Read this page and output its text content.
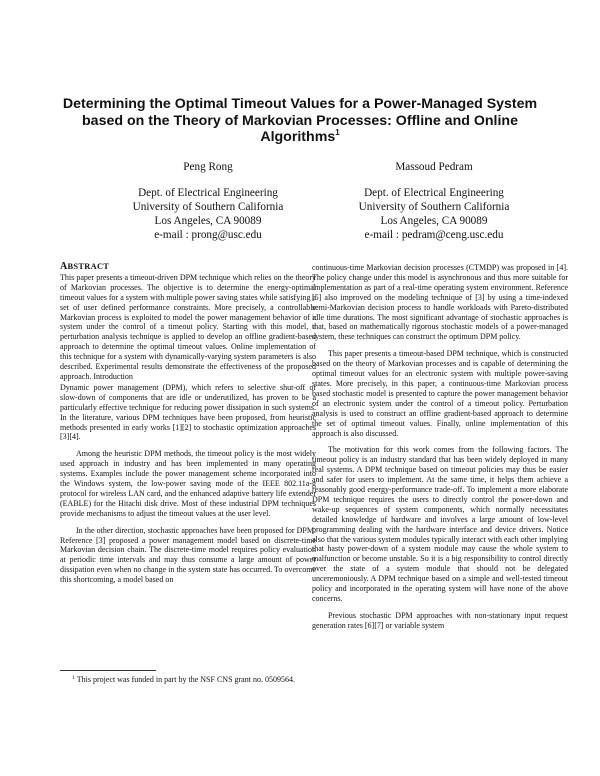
Determining the Optimal Timeout Values for a Power-Managed System based on the Theory of Markovian Processes: Offline and Online Algorithms$^1$
Peng Rong
Dept. of Electrical Engineering
University of Southern California
Los Angeles, CA 90089
e-mail : prong@usc.edu
Massoud Pedram
Dept. of Electrical Engineering
University of Southern California
Los Angeles, CA 90089
e-mail : pedram@ceng.usc.edu
ABSTRACT

This paper presents a timeout-driven DPM technique which relies on the theory of Markovian processes. The objective is to determine the energy-optimal timeout values for a system with multiple power saving states while satisfying a set of user defined performance constraints. More precisely, a controllable Markovian process is exploited to model the power management behavior of a system under the control of a timeout policy. Starting with this model, a perturbation analysis technique is applied to develop an offline gradient-based approach to determine the optimal timeout values. Online implementation of this technique for a system with dynamically-varying system parameters is also described. Experimental results demonstrate the effectiveness of the proposed approach. Introduction

Dynamic power management (DPM), which refers to selective shut-off or slow-down of components that are idle or underutilized, has proven to be a particularly effective technique for reducing power dissipation in such systems. In the literature, various DPM techniques have been proposed, from heuristic methods presented in early works [1][2] to stochastic optimization approaches [3][4].

Among the heuristic DPM methods, the timeout policy is the most widely used approach in industry and has been implemented in many operating systems. Examples include the power management scheme incorporated into the Windows system, the low-power saving mode of the IEEE 802.11a-g protocol for wireless LAN card, and the enhanced adaptive battery life extender (EABLE) for the Hitachi disk drive. Most of these industrial DPM techniques provide mechanisms to adjust the timeout values at the user level.

In the other direction, stochastic approaches have been proposed for DPM. Reference [3] proposed a power management model based on discrete-time Markovian decision chain. The discrete-time model requires policy evaluation at periodic time intervals and may thus consume a large amount of power dissipation even when no change in the system state has occurred. To overcome this shortcoming, a model based on

continuous-time Markovian decision processes (CTMDP) was proposed in [4]. The policy change under this model is asynchronous and thus more suitable for implementation as part of a real-time operating system environment. Reference [5] also improved on the modeling technique of [3] by using a time-indexed semi-Markovian decision process to handle workloads with Pareto-distributed idle time durations. The most significant advantage of stochastic approaches is that, based on mathematically rigorous stochastic models of a power-managed system, these techniques can construct the optimum DPM policy.

This paper presents a timeout-based DPM technique, which is constructed based on the theory of Markovian processes and is capable of determining the optimal timeout values for an electronic system with multiple power-saving states. More precisely, in this paper, a continuous-time Markovian process based stochastic model is presented to capture the power management behavior of an electronic system under the control of a timeout policy. Perturbation analysis is used to construct an offline gradient-based approach to determine the set of optimal timeout values. Finally, online implementation of this approach is also discussed.

The motivation for this work comes from the following factors. The timeout policy is an industry standard that has been widely deployed in many real systems. A DPM technique based on timeout policies may thus be easier and safer for users to implement. At the same time, it helps them achieve a reasonably good energy-performance trade-off. To implement a more elaborate DPM technique requires the users to directly control the power-down and wake-up sequences of system components, which normally necessitates detailed knowledge of hardware and involves a large amount of low-level programming dealing with the hardware interface and device drivers. Notice also that the various system modules typically interact with each other implying that hasty power-down of a system module may cause the whole system to malfunction or become unstable. So it is a big responsibility to control directly over the state of a system module that should not be delegated unceremoniously. A DPM technique based on a simple and well-tested timeout policy and incorporated in the operating system will have none of the above concerns.

Previous stochastic DPM approaches with non-stationary input request generation rates [6][7] or variable system

$^1$ This project was funded in part by the NSF CNS grant no. 0509564.
